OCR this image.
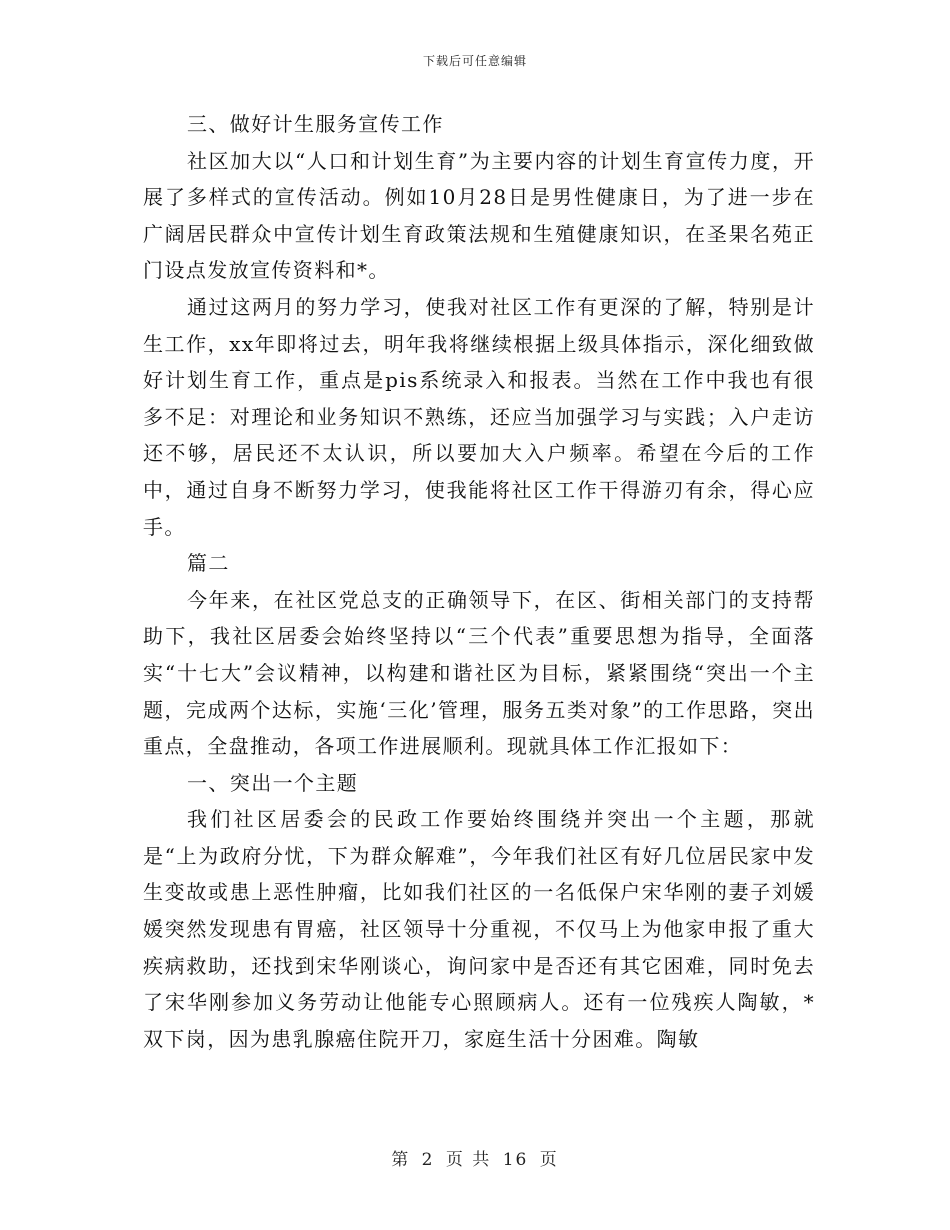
下载后可任意编辑

三、做好计生服务宣传工作

社区加大以“人口和计划生育”为主要内容的计划生育宣传力度，开展了多样式的宣传活动。例如10月28日是男性健康日，为了进一步在广阔居民群众中宣传计划生育政策法规和生殖健康知识，在圣果名苑正门设点发放宣传资料和*。

通过这两月的努力学习，使我对社区工作有更深的了解，特别是计生工作，xx年即将过去，明年我将继续根据上级具体指示，深化细致做好计划生育工作，重点是pis系统录入和报表。当然在工作中我也有很多不足：对理论和业务知识不熟练，还应当加强学习与实践；入户走访还不够，居民还不太认识，所以要加大入户频率。希望在今后的工作中，通过自身不断努力学习，使我能将社区工作干得游刃有余，得心应手。

篇二

今年来，在社区党总支的正确领导下，在区、街相关部门的支持帮助下，我社区居委会始终坚持以“三个代表”重要思想为指导，全面落实“十七大”会议精神，以构建和谐社区为目标，紧紧围绕“突出一个主题，完成两个达标，实施‘三化’管理，服务五类对象”的工作思路，突出重点，全盘推动，各项工作进展顺利。现就具体工作汇报如下：

一、突出一个主题

我们社区居委会的民政工作要始终围绕并突出一个主题，那就是“上为政府分忧，下为群众解难”，今年我们社区有好几位居民家中发生变故或患上恶性肿瘤，比如我们社区的一名低保户宋华刚的妻子刘媛媛突然发现患有胃癌，社区领导十分重视，不仅马上为他家申报了重大疾病救助，还找到宋华刚谈心，询问家中是否还有其它困难，同时免去了宋华刚参加义务劳动让他能专心照顾病人。还有一位残疾人陶敏，*双下岗，因为患乳腺癌住院开刀，家庭生活十分困难。陶敏

第 2 页 共 16 页
